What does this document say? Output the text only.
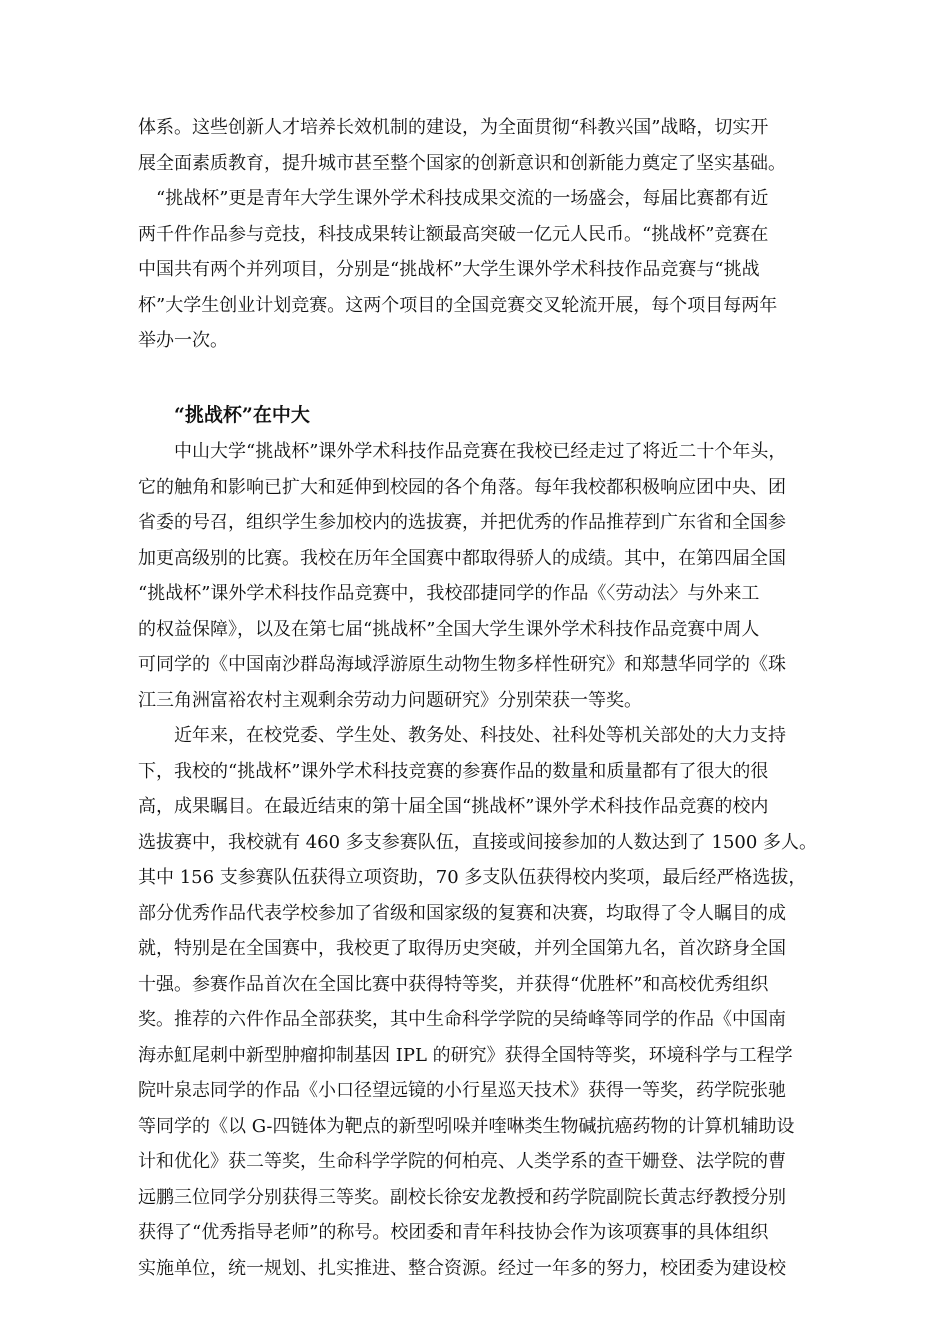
体系。这些创新人才培养长效机制的建设，为全面贯彻“科教兴国”战略，切实开
展全面素质教育，提升城市甚至整个国家的创新意识和创新能力奠定了坚实基础。
　“挑战杯”更是青年大学生课外学术科技成果交流的一场盛会，每届比赛都有近
两千件作品参与竞技，科技成果转让额最高突破一亿元人民币。“挑战杯”竞赛在
中国共有两个并列项目，分别是“挑战杯”大学生课外学术科技作品竞赛与“挑战
杯”大学生创业计划竞赛。这两个项目的全国竞赛交叉轮流开展，每个项目每两年
举办一次。
“挑战杯”在中大
　　中山大学“挑战杯”课外学术科技作品竞赛在我校已经走过了将近二十个年头，
它的触角和影响已扩大和延伸到校园的各个角落。每年我校都积极响应团中央、团
省委的号召，组织学生参加校内的选拔赛，并把优秀的作品推荐到广东省和全国参
加更高级别的比赛。我校在历年全国赛中都取得骄人的成绩。其中，在第四届全国
“挑战杯”课外学术科技作品竞赛中，我校邵捷同学的作品《〈劳动法〉与外来工
的权益保障》，以及在第七届“挑战杯”全国大学生课外学术科技作品竞赛中周人
可同学的《中国南沙群岛海域浮游原生动物生物多样性研究》和郑慧华同学的《珠
江三角洲富裕农村主观剩余劳动力问题研究》分别荣获一等奖。
　　近年来，在校党委、学生处、教务处、科技处、社科处等机关部处的大力支持
下，我校的“挑战杯”课外学术科技竞赛的参赛作品的数量和质量都有了很大的很
高，成果瞩目。在最近结束的第十届全国“挑战杯”课外学术科技作品竞赛的校内
选拔赛中，我校就有 460 多支参赛队伍，直接或间接参加的人数达到了 1500 多人。
其中 156 支参赛队伍获得立项资助，70 多支队伍获得校内奖项，最后经严格选拔，
部分优秀作品代表学校参加了省级和国家级的复赛和决赛，均取得了令人瞩目的成
就，特别是在全国赛中，我校更了取得历史突破，并列全国第九名，首次跻身全国
十强。参赛作品首次在全国比赛中获得特等奖，并获得“优胜杯”和高校优秀组织
奖。推荐的六件作品全部获奖，其中生命科学学院的吴绮峰等同学的作品《中国南
海赤魟尾刺中新型肿瘤抑制基因 IPL 的研究》获得全国特等奖，环境科学与工程学
院叶泉志同学的作品《小口径望远镜的小行星巡天技术》获得一等奖，药学院张驰
等同学的《以 G-四链体为靶点的新型吲哚并喹啉类生物碱抗癌药物的计算机辅助设
计和优化》获二等奖，生命科学学院的何柏亮、人类学系的查干姗登、法学院的曹
远鹏三位同学分别获得三等奖。副校长徐安龙教授和药学院副院长黄志纾教授分别
获得了“优秀指导老师”的称号。校团委和青年科技协会作为该项赛事的具体组织
实施单位，统一规划、扎实推进、整合资源。经过一年多的努力，校团委为建设校
